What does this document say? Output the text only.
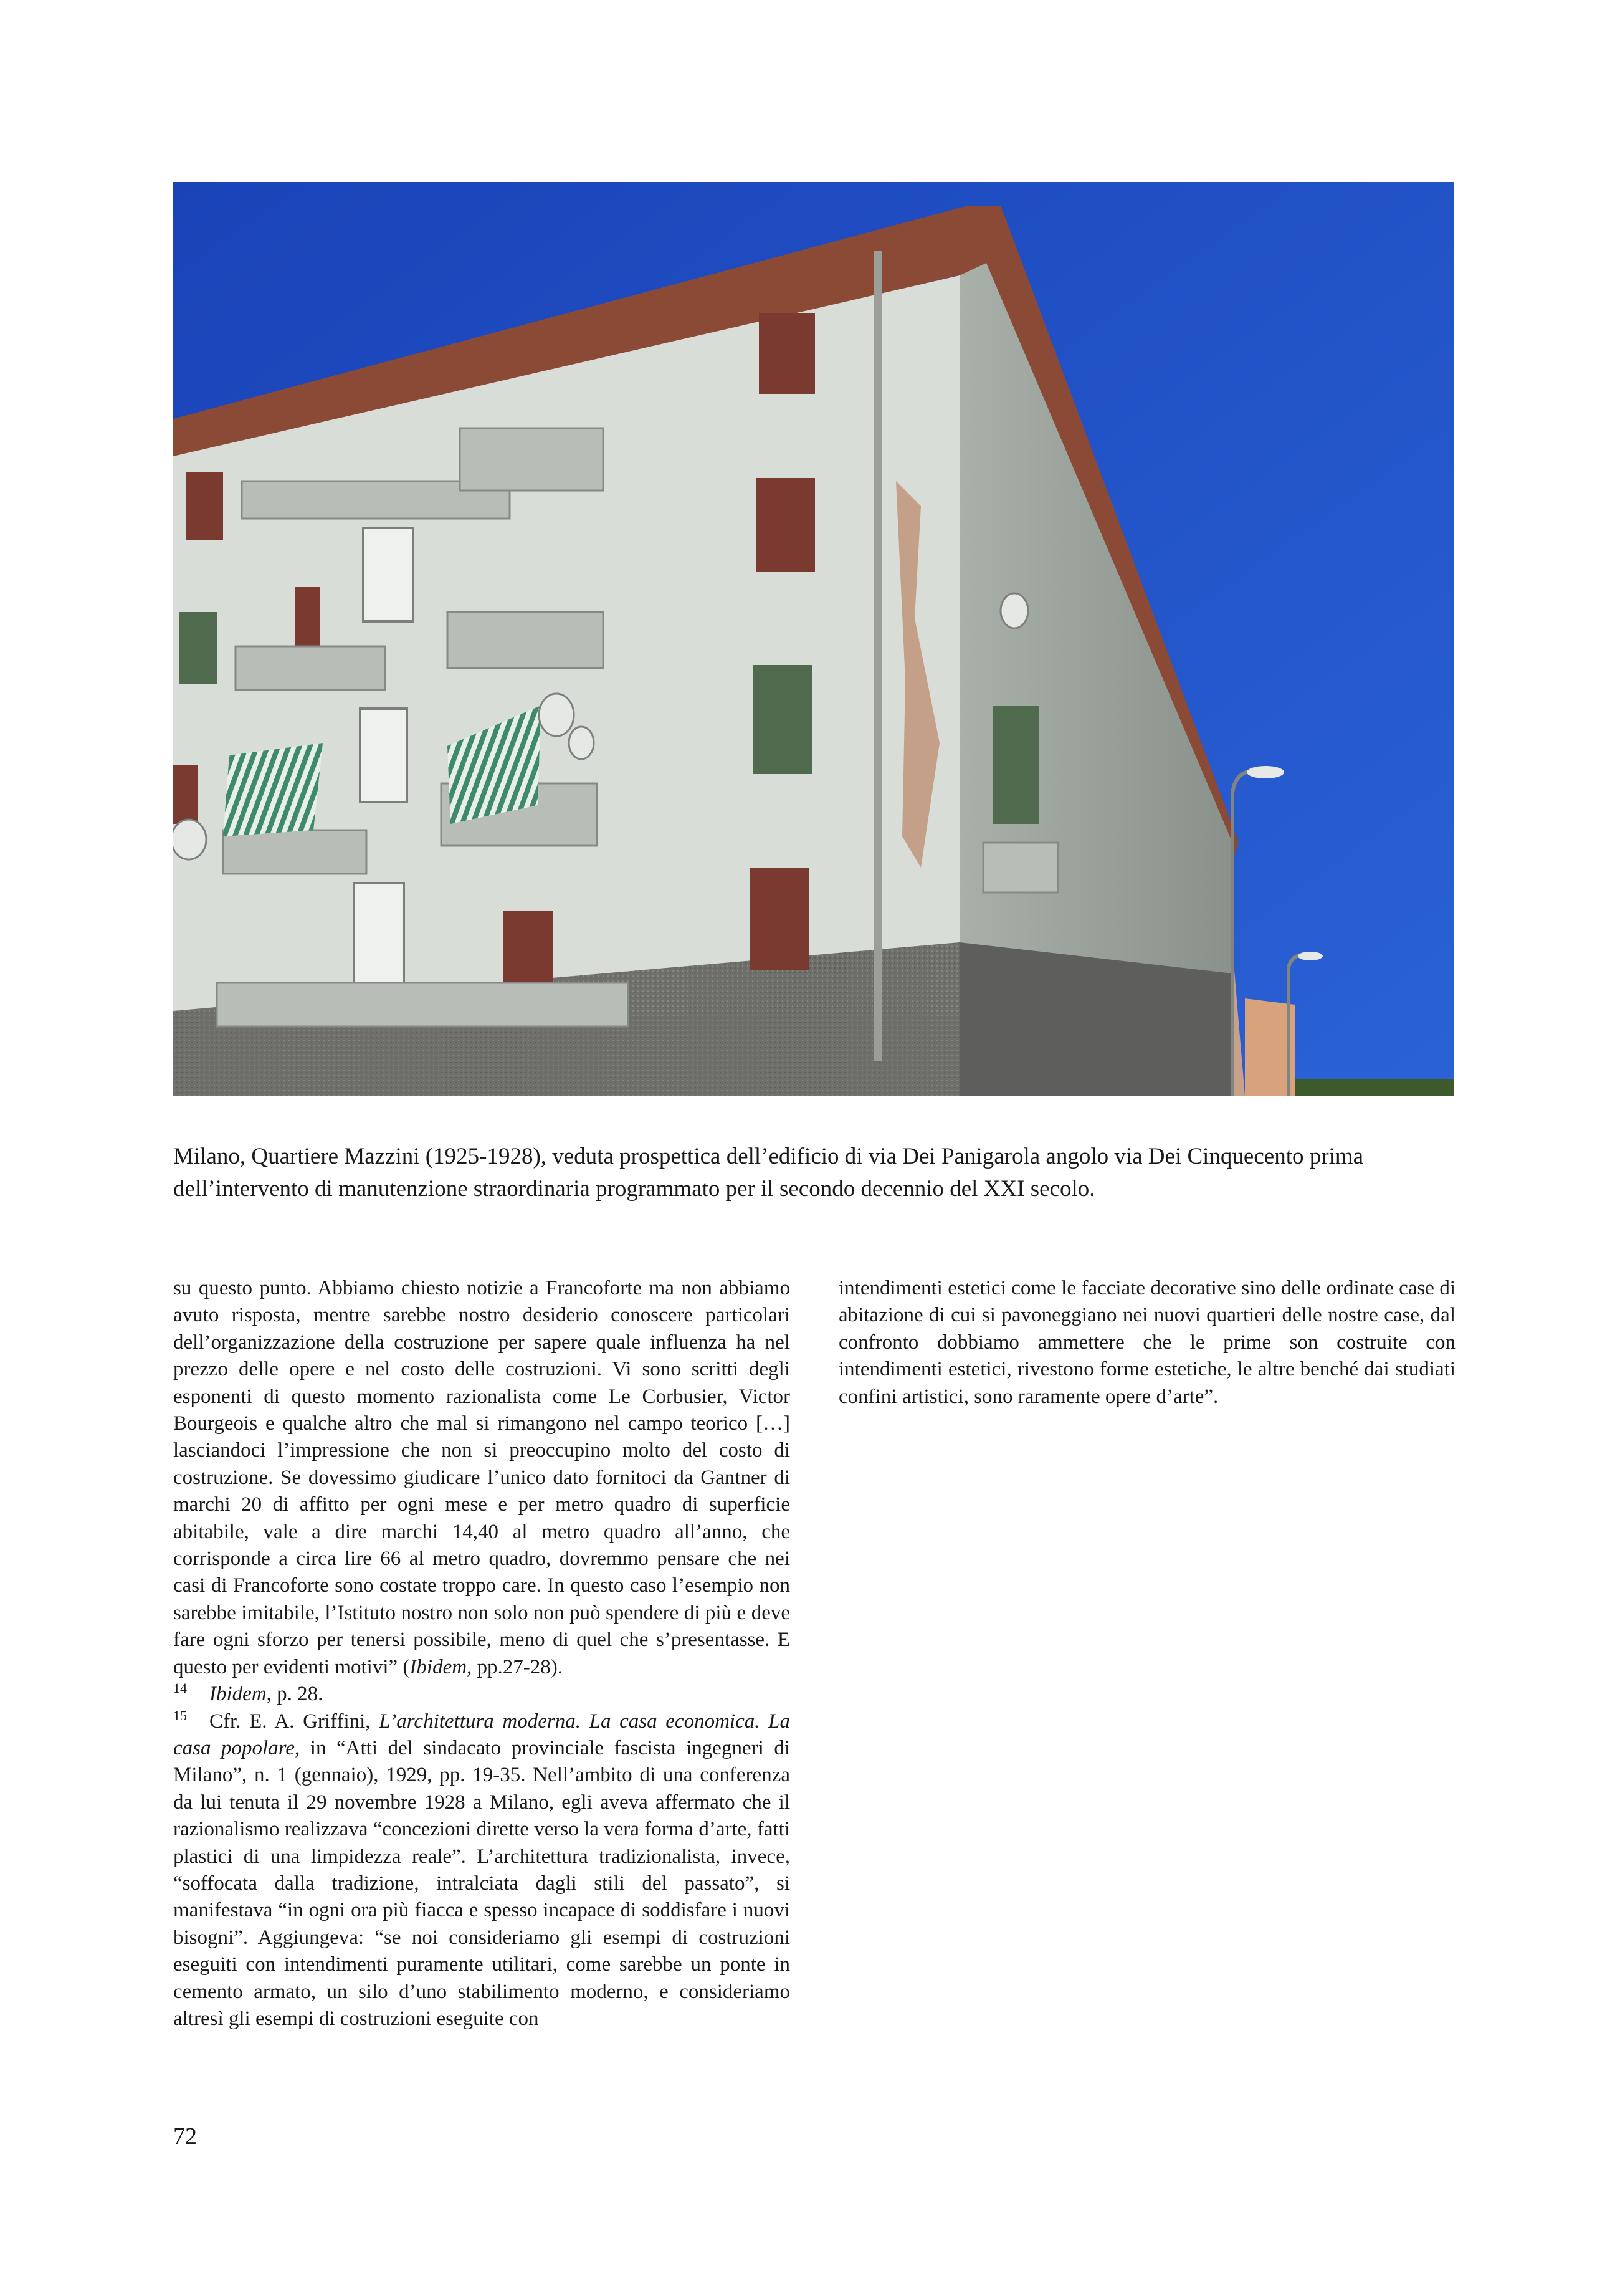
Milano, Quartiere Mazzini (1925-1928), veduta prospettica dell’edificio di via Dei Panigarola angolo via Dei Cinquecento prima dell’intervento di manutenzione straordinaria programmato per il secondo decennio del XXI secolo.

su questo punto. Abbiamo chiesto notizie a Francoforte ma non abbiamo avuto risposta, mentre sarebbe nostro desiderio conoscere particolari dell’organizzazione della costruzione per sapere quale influenza ha nel prezzo delle opere e nel costo delle costruzioni. Vi sono scritti degli esponenti di questo momento razionalista come Le Corbusier, Victor Bourgeois e qualche altro che mal si rimangono nel campo teorico […] lasciandoci l’impressione che non si preoccupino molto del costo di costruzione. Se dovessimo giudicare l’unico dato fornitoci da Gantner di marchi 20 di affitto per ogni mese e per metro quadro di superficie abitabile, vale a dire marchi 14,40 al metro quadro all’anno, che corrisponde a circa lire 66 al metro quadro, dovremmo pensare che nei casi di Francoforte sono costate troppo care. In questo caso l’esempio non sarebbe imitabile, l’Istituto nostro non solo non può spendere di più e deve fare ogni sforzo per tenersi possibile, meno di quel che s’presentasse. E questo per evidenti motivi” (Ibidem, pp.27-28).

$^{14}$ Ibidem, p. 28.

$^{15}$ Cfr. E. A. Griffini, L’architettura moderna. La casa economica. La casa popolare, in “Atti del sindacato provinciale fascista ingegneri di Milano”, n. 1 (gennaio), 1929, pp. 19-35. Nell’ambito di una conferenza da lui tenuta il 29 novembre 1928 a Milano, egli aveva affermato che il razionalismo realizzava “concezioni dirette verso la vera forma d’arte, fatti plastici di una limpidezza reale”. L’architettura tradizionalista, invece, “soffocata dalla tradizione, intralciata dagli stili del passato”, si manifestava “in ogni ora più fiacca e spesso incapace di soddisfare i nuovi bisogni”. Aggiungeva: “se noi consideriamo gli esempi di costruzioni eseguiti con intendimenti puramente utilitari, come sarebbe un ponte in cemento armato, un silo d’uno stabilimento moderno, e consideriamo altresì gli esempi di costruzioni eseguite con

intendimenti estetici come le facciate decorative sino delle ordinate case di abitazione di cui si pavoneggiano nei nuovi quartieri delle nostre case, dal confronto dobbiamo ammettere che le prime son costruite con intendimenti estetici, rivestono forme estetiche, le altre benché dai studiati confini artistici, sono raramente opere d’arte”.

72
